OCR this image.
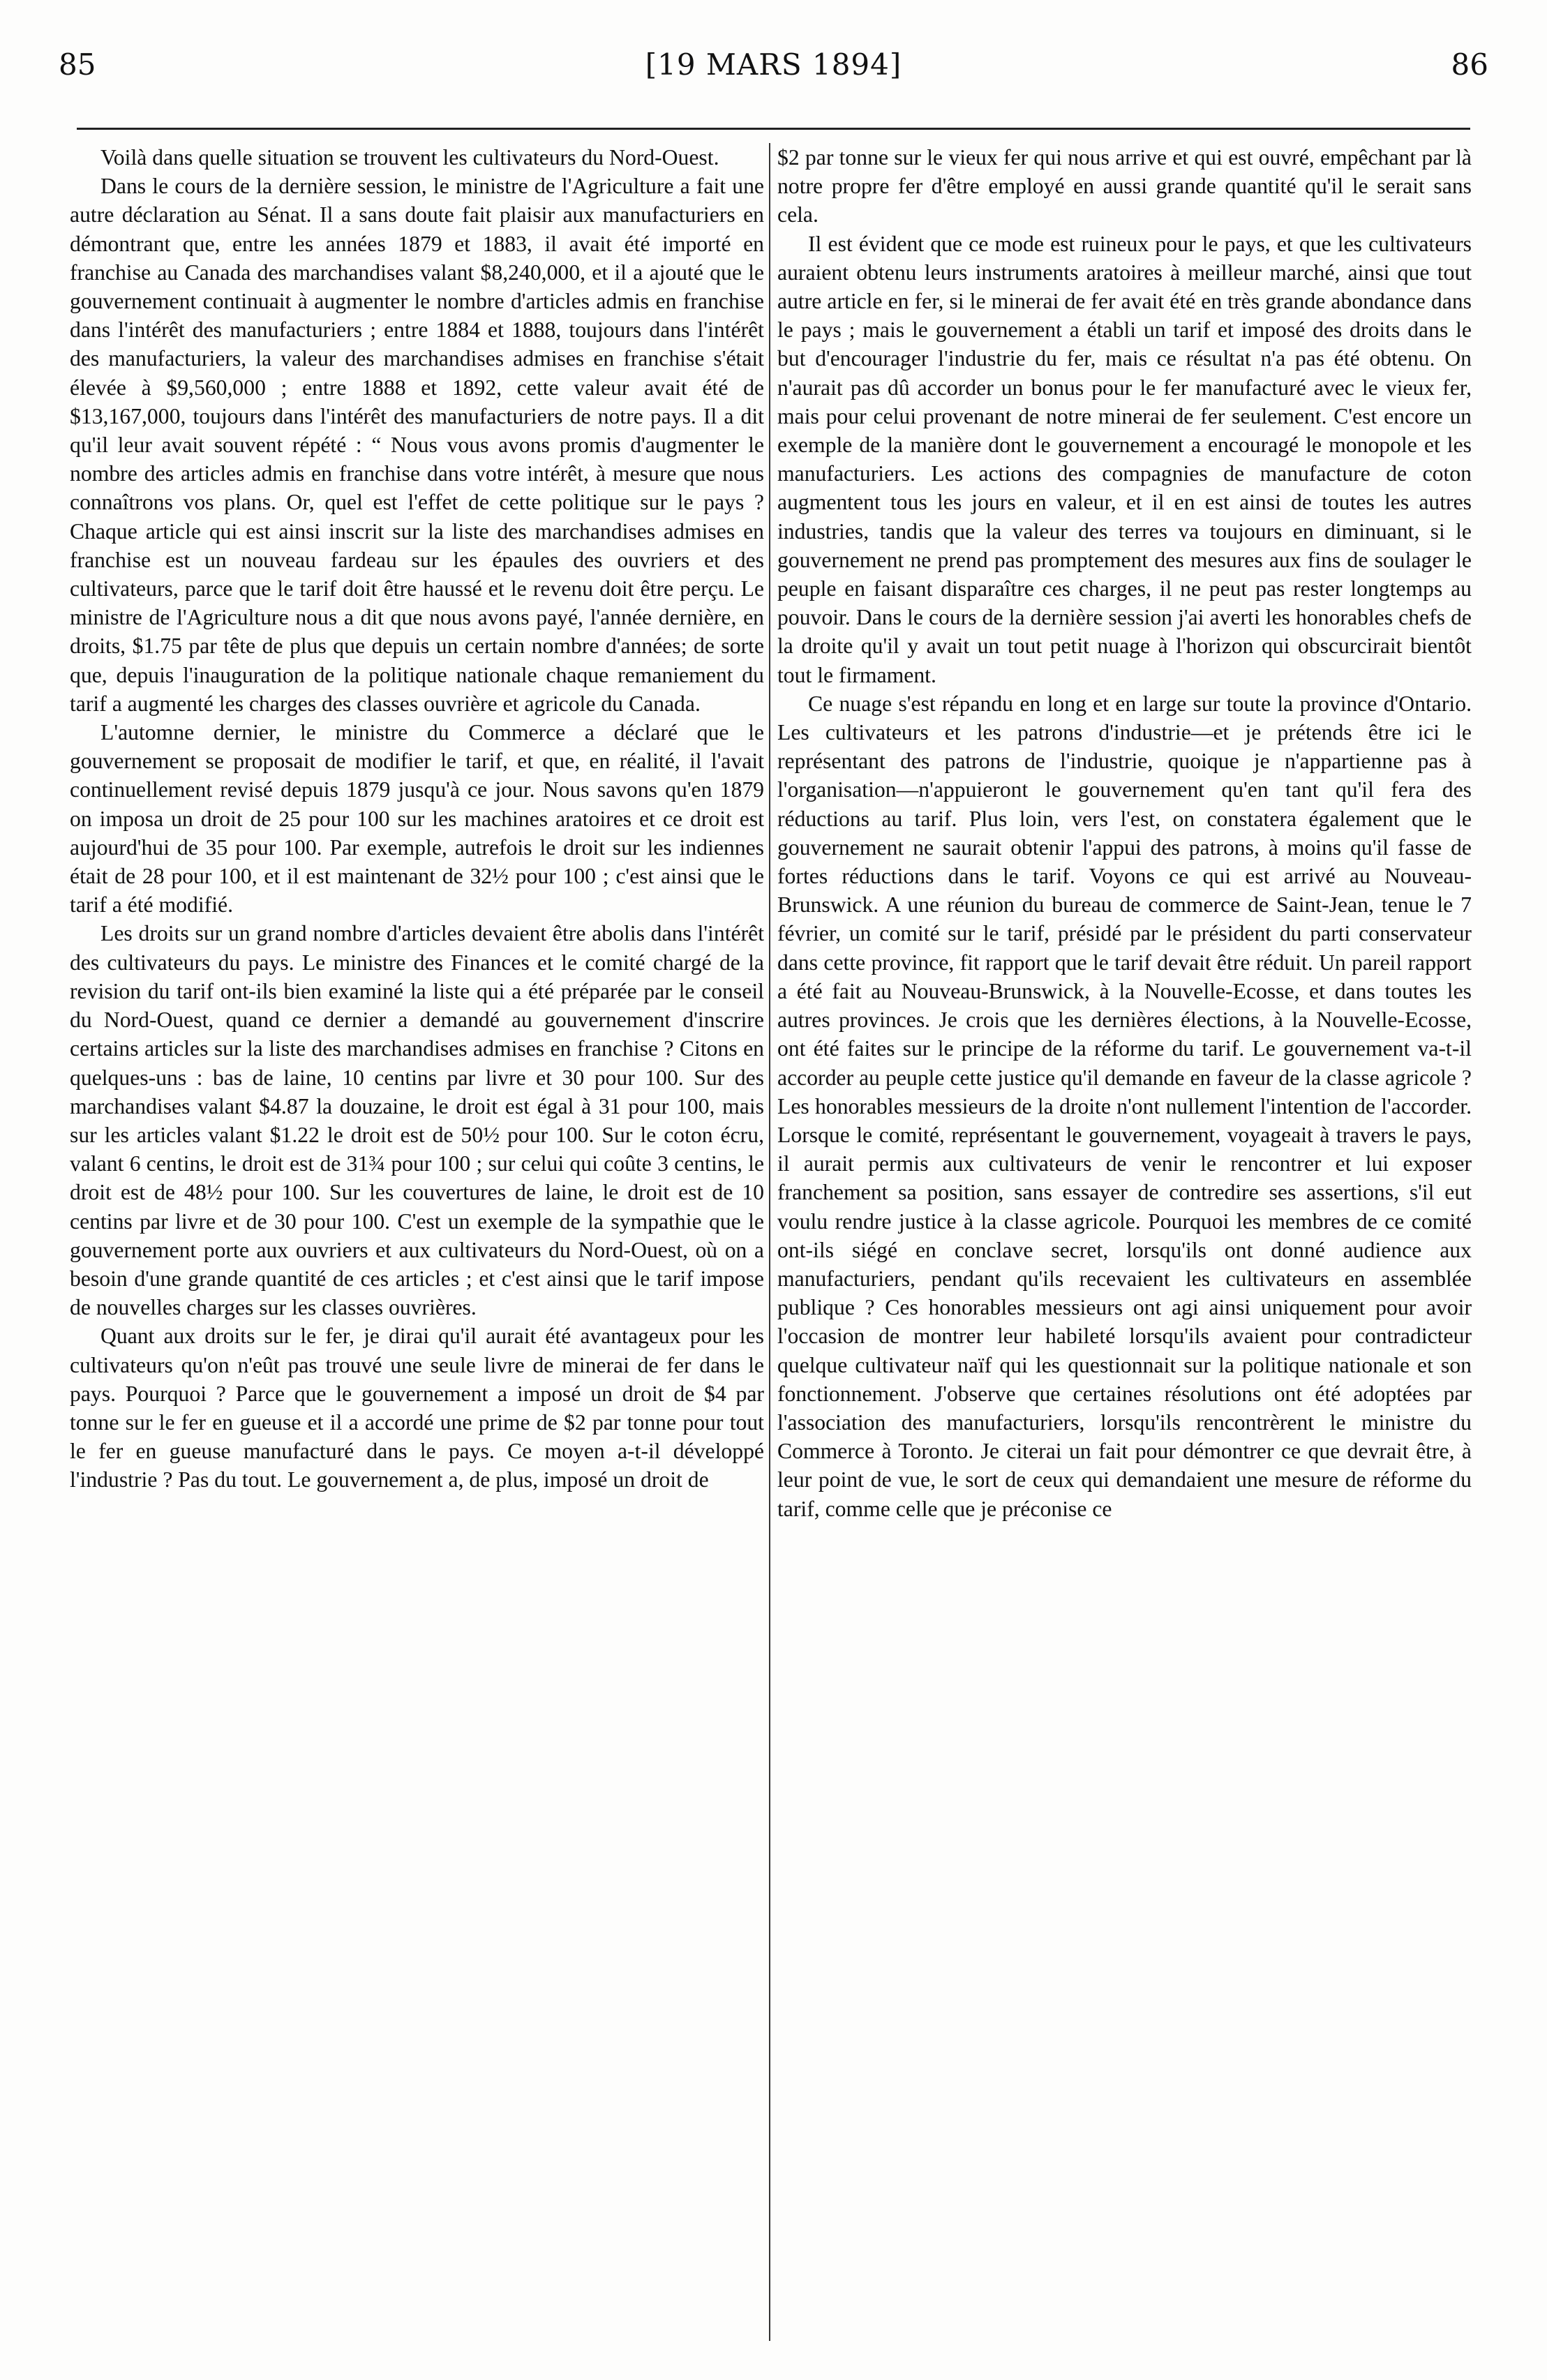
85	[19 MARS 1894]	86

Voilà dans quelle situation se trouvent les cultivateurs du Nord-Ouest.

Dans le cours de la dernière session, le ministre de l'Agriculture a fait une autre déclaration au Sénat. Il a sans doute fait plaisir aux manufacturiers en démontrant que, entre les années 1879 et 1883, il avait été importé en franchise au Canada des marchandises valant $8,240,000, et il a ajouté que le gouvernement continuait à augmenter le nombre d'articles admis en franchise dans l'intérêt des manufacturiers ; entre 1884 et 1888, toujours dans l'intérêt des manufacturiers, la valeur des marchandises admises en franchise s'était élevée à $9,560,000 ; entre 1888 et 1892, cette valeur avait été de $13,167,000, toujours dans l'intérêt des manufacturiers de notre pays. Il a dit qu'il leur avait souvent répété : “ Nous vous avons promis d'augmenter le nombre des articles admis en franchise dans votre intérêt, à mesure que nous connaîtrons vos plans. Or, quel est l'effet de cette politique sur le pays ? Chaque article qui est ainsi inscrit sur la liste des marchandises admises en franchise est un nouveau fardeau sur les épaules des ouvriers et des cultivateurs, parce que le tarif doit être haussé et le revenu doit être perçu. Le ministre de l'Agriculture nous a dit que nous avons payé, l'année dernière, en droits, $1.75 par tête de plus que depuis un certain nombre d'années; de sorte que, depuis l'inauguration de la politique nationale chaque remaniement du tarif a augmenté les charges des classes ouvrière et agricole du Canada.

L'automne dernier, le ministre du Commerce a déclaré que le gouvernement se proposait de modifier le tarif, et que, en réalité, il l'avait continuellement revisé depuis 1879 jusqu'à ce jour. Nous savons qu'en 1879 on imposa un droit de 25 pour 100 sur les machines aratoires et ce droit est aujourd'hui de 35 pour 100. Par exemple, autrefois le droit sur les indiennes était de 28 pour 100, et il est maintenant de 32½ pour 100 ; c'est ainsi que le tarif a été modifié.

Les droits sur un grand nombre d'articles devaient être abolis dans l'intérêt des cultivateurs du pays. Le ministre des Finances et le comité chargé de la revision du tarif ont-ils bien examiné la liste qui a été préparée par le conseil du Nord-Ouest, quand ce dernier a demandé au gouvernement d'inscrire certains articles sur la liste des marchandises admises en franchise ? Citons en quelques-uns : bas de laine, 10 centins par livre et 30 pour 100. Sur des marchandises valant $4.87 la douzaine, le droit est égal à 31 pour 100, mais sur les articles valant $1.22 le droit est de 50½ pour 100. Sur le coton écru, valant 6 centins, le droit est de 31¾ pour 100 ; sur celui qui coûte 3 centins, le droit est de 48½ pour 100. Sur les couvertures de laine, le droit est de 10 centins par livre et de 30 pour 100. C'est un exemple de la sympathie que le gouvernement porte aux ouvriers et aux cultivateurs du Nord-Ouest, où on a besoin d'une grande quantité de ces articles ; et c'est ainsi que le tarif impose de nouvelles charges sur les classes ouvrières.

Quant aux droits sur le fer, je dirai qu'il aurait été avantageux pour les cultivateurs qu'on n'eût pas trouvé une seule livre de minerai de fer dans le pays. Pourquoi ? Parce que le gouvernement a imposé un droit de $4 par tonne sur le fer en gueuse et il a accordé une prime de $2 par tonne pour tout le fer en gueuse manufacturé dans le pays. Ce moyen a-t-il développé l'industrie ? Pas du tout. Le gouvernement a, de plus, imposé un droit de

$2 par tonne sur le vieux fer qui nous arrive et qui est ouvré, empêchant par là notre propre fer d'être employé en aussi grande quantité qu'il le serait sans cela.

Il est évident que ce mode est ruineux pour le pays, et que les cultivateurs auraient obtenu leurs instruments aratoires à meilleur marché, ainsi que tout autre article en fer, si le minerai de fer avait été en très grande abondance dans le pays ; mais le gouvernement a établi un tarif et imposé des droits dans le but d'encourager l'industrie du fer, mais ce résultat n'a pas été obtenu. On n'aurait pas dû accorder un bonus pour le fer manufacturé avec le vieux fer, mais pour celui provenant de notre minerai de fer seulement. C'est encore un exemple de la manière dont le gouvernement a encouragé le monopole et les manufacturiers. Les actions des compagnies de manufacture de coton augmentent tous les jours en valeur, et il en est ainsi de toutes les autres industries, tandis que la valeur des terres va toujours en diminuant, si le gouvernement ne prend pas promptement des mesures aux fins de soulager le peuple en faisant disparaître ces charges, il ne peut pas rester longtemps au pouvoir. Dans le cours de la dernière session j'ai averti les honorables chefs de la droite qu'il y avait un tout petit nuage à l'horizon qui obscurcirait bientôt tout le firmament.

Ce nuage s'est répandu en long et en large sur toute la province d'Ontario. Les cultivateurs et les patrons d'industrie—et je prétends être ici le représentant des patrons de l'industrie, quoique je n'appartienne pas à l'organisation—n'appuieront le gouvernement qu'en tant qu'il fera des réductions au tarif. Plus loin, vers l'est, on constatera également que le gouvernement ne saurait obtenir l'appui des patrons, à moins qu'il fasse de fortes réductions dans le tarif. Voyons ce qui est arrivé au Nouveau-Brunswick. A une réunion du bureau de commerce de Saint-Jean, tenue le 7 février, un comité sur le tarif, présidé par le président du parti conservateur dans cette province, fit rapport que le tarif devait être réduit. Un pareil rapport a été fait au Nouveau-Brunswick, à la Nouvelle-Ecosse, et dans toutes les autres provinces. Je crois que les dernières élections, à la Nouvelle-Ecosse, ont été faites sur le principe de la réforme du tarif. Le gouvernement va-t-il accorder au peuple cette justice qu'il demande en faveur de la classe agricole ? Les honorables messieurs de la droite n'ont nullement l'intention de l'accorder. Lorsque le comité, représentant le gouvernement, voyageait à travers le pays, il aurait permis aux cultivateurs de venir le rencontrer et lui exposer franchement sa position, sans essayer de contredire ses assertions, s'il eut voulu rendre justice à la classe agricole. Pourquoi les membres de ce comité ont-ils siégé en conclave secret, lorsqu'ils ont donné audience aux manufacturiers, pendant qu'ils recevaient les cultivateurs en assemblée publique ? Ces honorables messieurs ont agi ainsi uniquement pour avoir l'occasion de montrer leur habileté lorsqu'ils avaient pour contradicteur quelque cultivateur naïf qui les questionnait sur la politique nationale et son fonctionnement. J'observe que certaines résolutions ont été adoptées par l'association des manufacturiers, lorsqu'ils rencontrèrent le ministre du Commerce à Toronto. Je citerai un fait pour démontrer ce que devrait être, à leur point de vue, le sort de ceux qui demandaient une mesure de réforme du tarif, comme celle que je préconise ce
